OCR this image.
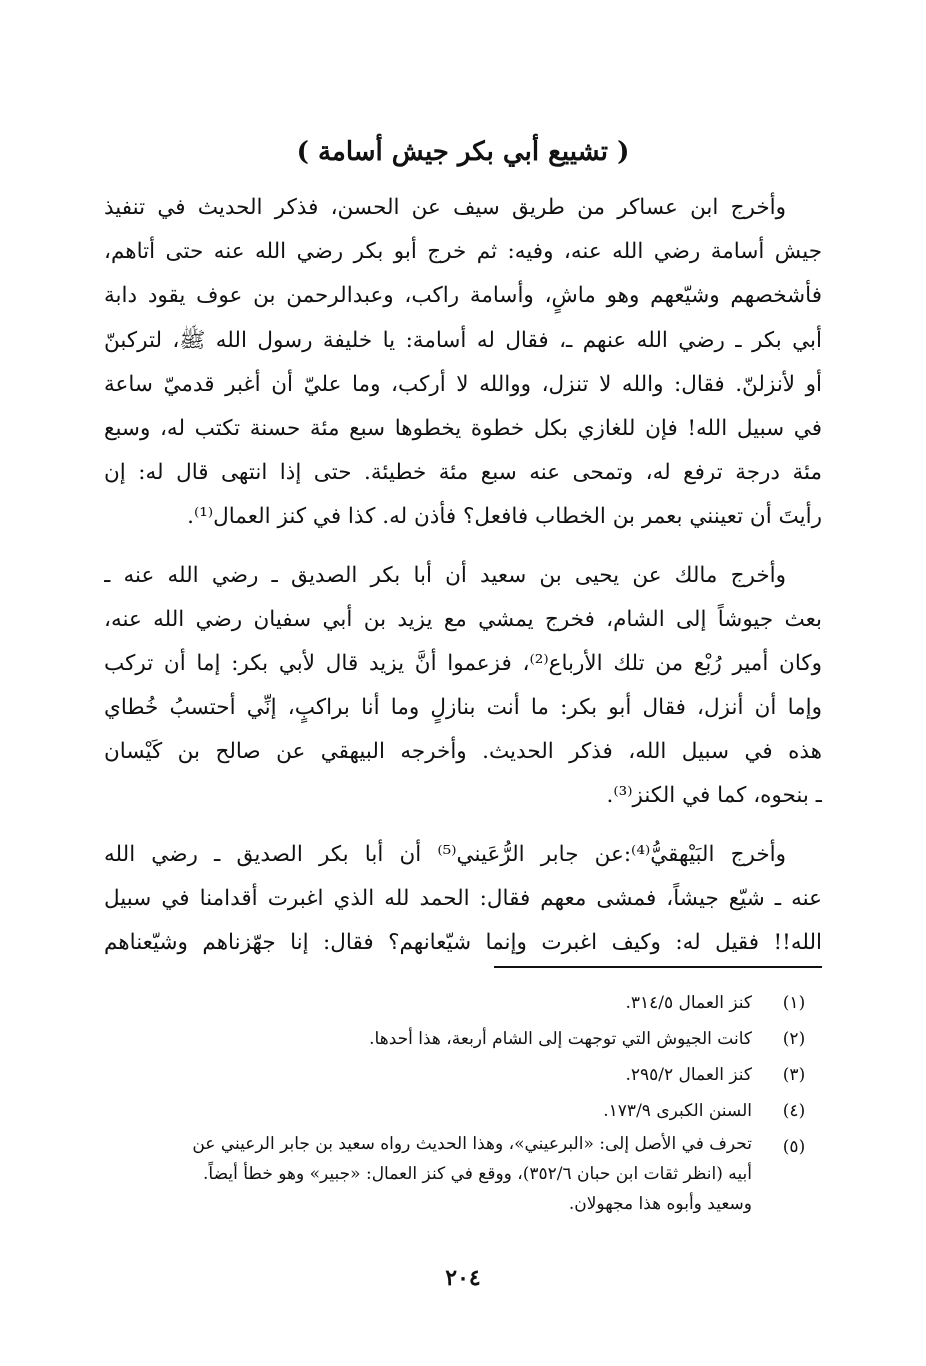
( تشييع أبي بكر جيش أسامة )
وأخرج ابن عساكر من طريق سيف عن الحسن، فذكر الحديث في تنفيذ
جيش أسامة رضي الله عنه، وفيه: ثم خرج أبو بكر رضي الله عنه حتى أتاهم،
فأشخصهم وشيّعهم وهو ماشٍ، وأسامة راكب، وعبدالرحمن بن عوف يقود دابة
أبي بكر ـ رضي الله عنهم ـ، فقال له أسامة: يا خليفة رسول الله ﷺ، لتركبنّ
أو لأنزلنّ. فقال: والله لا تنزل، ووالله لا أركب، وما عليّ أن أغبر قدميّ ساعة
في سبيل الله! فإن للغازي بكل خطوة يخطوها سبع مئة حسنة تكتب له، وسبع
مئة درجة ترفع له، وتمحى عنه سبع مئة خطيئة. حتى إذا انتهى قال له: إن
رأيتَ أن تعينني بعمر بن الخطاب فافعل؟ فأذن له. كذا في كنز العمال⁽¹⁾.
وأخرج مالك عن يحيى بن سعيد أن أبا بكر الصديق ـ رضي الله عنه ـ
بعث جيوشاً إلى الشام، فخرج يمشي مع يزيد بن أبي سفيان رضي الله عنه،
وكان أمير رُبْع من تلك الأرباع⁽²⁾، فزعموا أنَّ يزيد قال لأبي بكر: إما أن تركب
وإما أن أنزل، فقال أبو بكر: ما أنت بنازلٍ وما أنا براكبٍ، إنِّي أحتسبُ خُطاي
هذه في سبيل الله، فذكر الحديث. وأخرجه البيهقي عن صالح بن كَيْسان
ـ بنحوه، كما في الكنز⁽³⁾.
وأخرج البَيْهقيُّ⁽⁴⁾:عن جابر الرُّعَيني⁽⁵⁾ أن أبا بكر الصديق ـ رضي الله
عنه ـ شيّع جيشاً، فمشى معهم فقال: الحمد لله الذي اغبرت أقدامنا في سبيل
الله!! فقيل له: وكيف اغبرت وإنما شيّعانهم؟ فقال: إنا جهّزناهم وشيّعناهم
(١)
كنز العمال ٣١٤/٥.
(٢)
كانت الجيوش التي توجهت إلى الشام أربعة، هذا أحدها.
(٣)
كنز العمال ٢٩٥/٢.
(٤)
السنن الكبرى ١٧٣/٩.
(٥)
تحرف في الأصل إلى: «البرعيني»، وهذا الحديث رواه سعيد بن جابر الرعيني عن
أبيه (انظر ثقات ابن حبان ٣٥٢/٦)، ووقع في كنز العمال: «جبير» وهو خطأ أيضاً.
وسعيد وأبوه هذا مجهولان.
٢٠٤
